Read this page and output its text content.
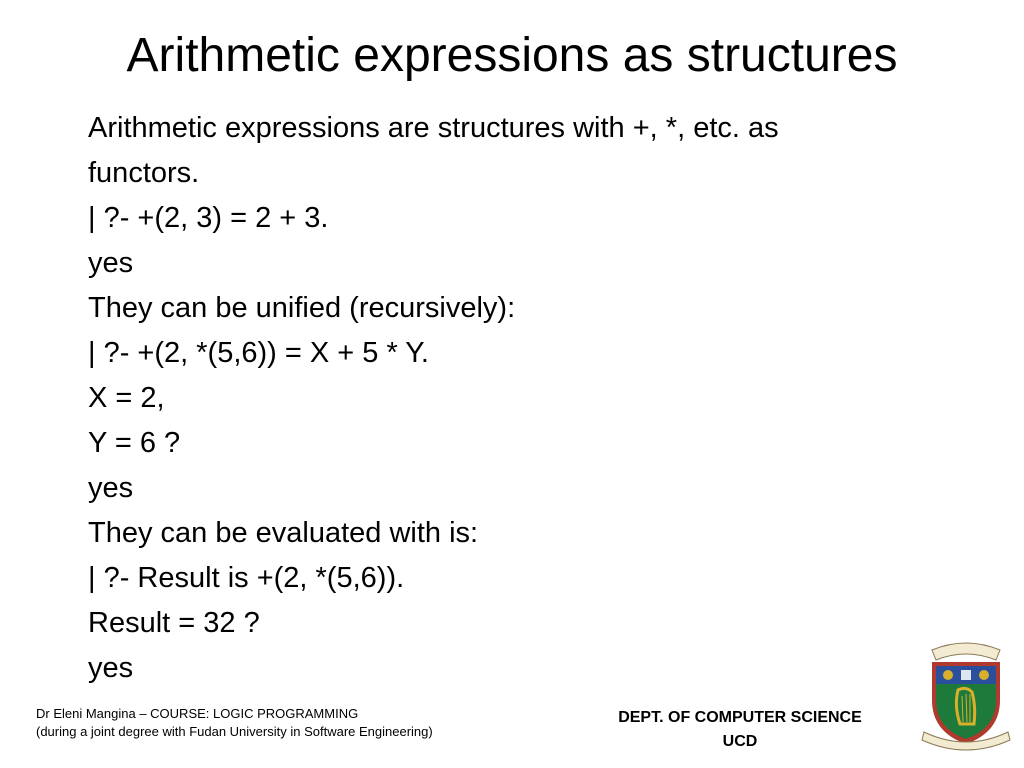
Arithmetic expressions as structures
Arithmetic expressions are structures with +, *, etc. as
functors.
| ?- +(2, 3) = 2 + 3.
yes
They can be unified (recursively):
| ?- +(2, *(5,6)) = X + 5 * Y.
X = 2,
Y = 6 ?
yes
They can be evaluated with is:
| ?- Result is +(2, *(5,6)).
Result = 32 ?
yes
Dr Eleni Mangina – COURSE: LOGIC PROGRAMMING
(during a joint degree with Fudan University in Software Engineering)
DEPT. OF COMPUTER SCIENCE
UCD
